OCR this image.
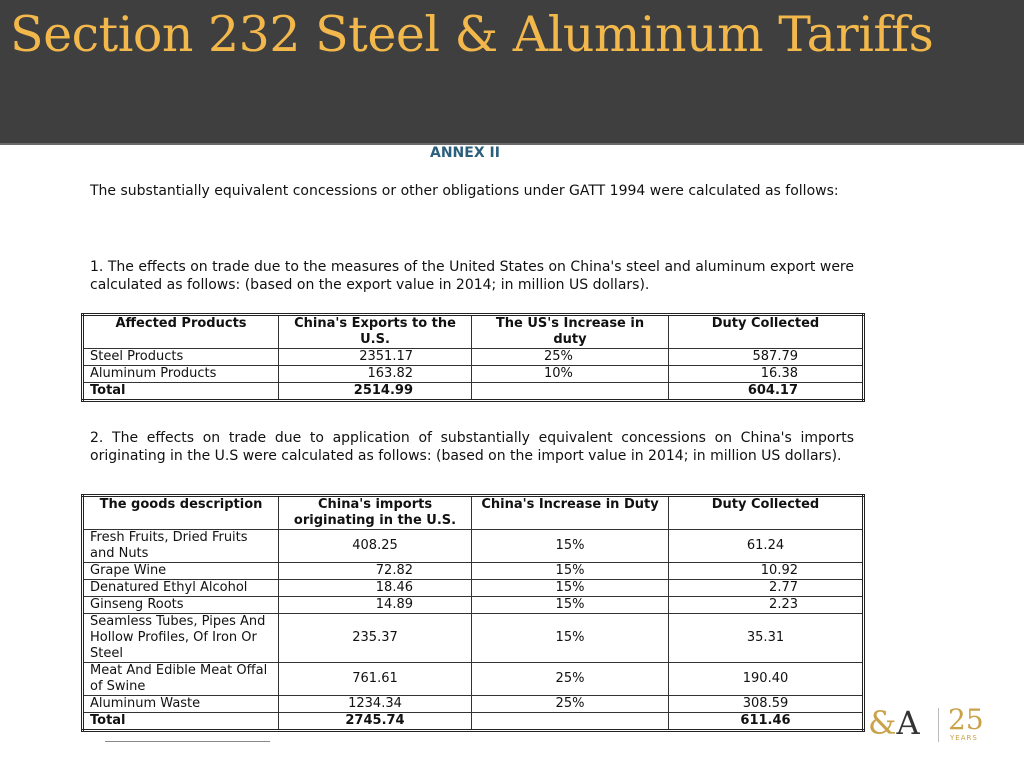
Section 232 Steel & Aluminum Tariffs

ANNEX II

The substantially equivalent concessions or other obligations under GATT 1994 were calculated as follows:

1. The effects on trade due to the measures of the United States on China's steel and aluminum export were calculated as follows: (based on the export value in 2014; in million US dollars).

Affected Products	China's Exports to the U.S.	The US's Increase in duty	Duty Collected
Steel Products	2351.17	25%	587.79
Aluminum Products	163.82	10%	16.38
Total	2514.99		604.17

2. The effects on trade due to application of substantially equivalent concessions on China's imports originating in the U.S were calculated as follows: (based on the import value in 2014; in million US dollars).

The goods description	China's imports originating in the U.S.	China's Increase in Duty	Duty Collected
Fresh Fruits, Dried Fruits and Nuts	408.25	15%	61.24
Grape Wine	72.82	15%	10.92
Denatured Ethyl Alcohol	18.46	15%	2.77
Ginseng Roots	14.89	15%	2.23
Seamless Tubes, Pipes And Hollow Profiles, Of Iron Or Steel	235.37	15%	35.31
Meat And Edible Meat Offal of Swine	761.61	25%	190.40
Aluminum Waste	1234.34	25%	308.59
Total	2745.74		611.46 &A 25
YEARS
